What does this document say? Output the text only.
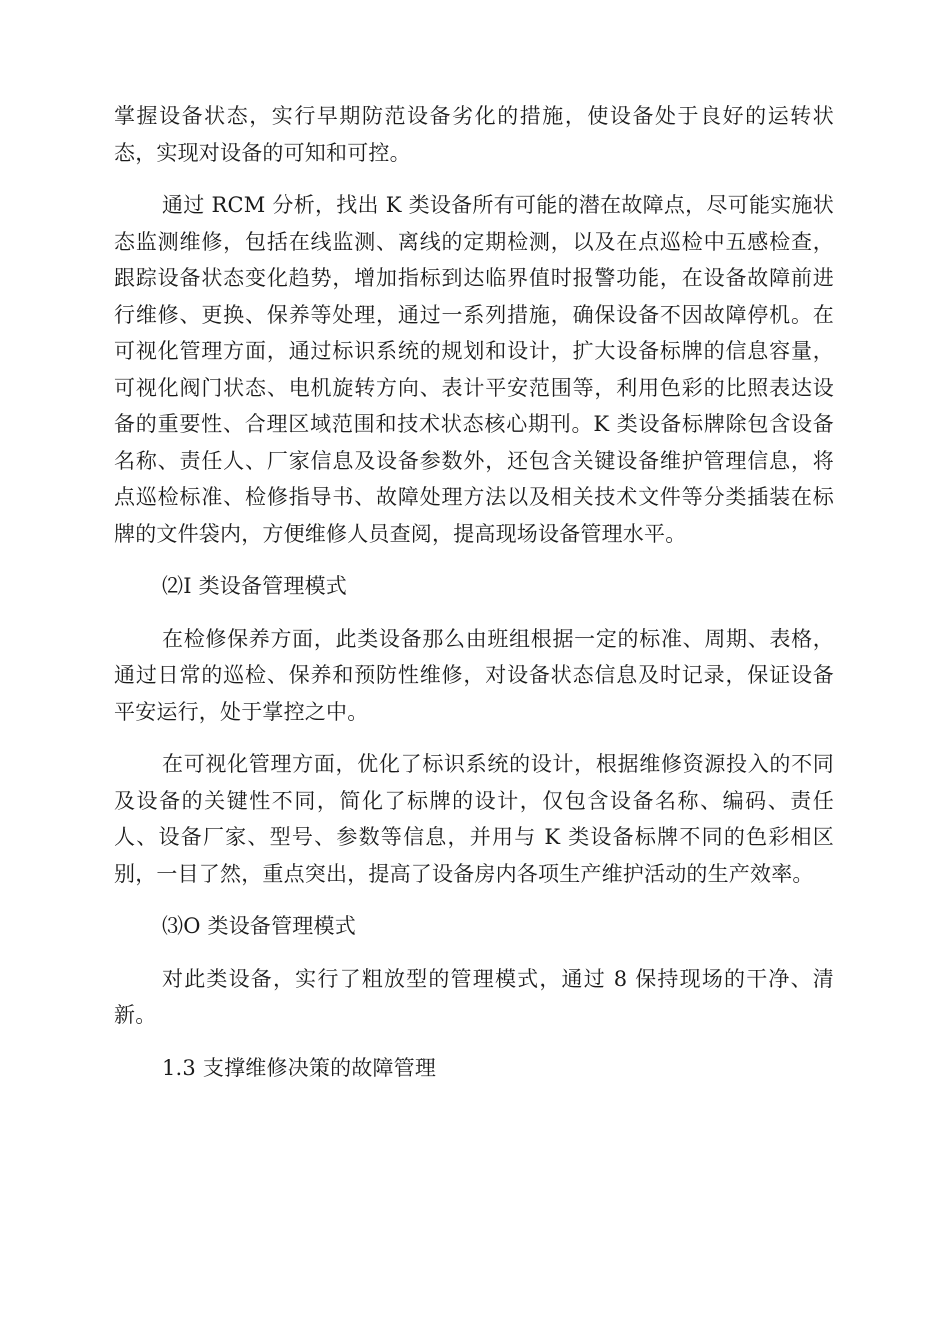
掌握设备状态，实行早期防范设备劣化的措施，使设备处于良好的运转状态，实现对设备的可知和可控。

通过 RCM 分析，找出 K 类设备所有可能的潜在故障点，尽可能实施状态监测维修，包括在线监测、离线的定期检测，以及在点巡检中五感检查，跟踪设备状态变化趋势，增加指标到达临界值时报警功能，在设备故障前进行维修、更换、保养等处理，通过一系列措施，确保设备不因故障停机。在可视化管理方面，通过标识系统的规划和设计，扩大设备标牌的信息容量，可视化阀门状态、电机旋转方向、表计平安范围等，利用色彩的比照表达设备的重要性、合理区域范围和技术状态核心期刊。K 类设备标牌除包含设备名称、责任人、厂家信息及设备参数外，还包含关键设备维护管理信息，将点巡检标准、检修指导书、故障处理方法以及相关技术文件等分类插装在标牌的文件袋内，方便维修人员查阅，提高现场设备管理水平。

⑵I 类设备管理模式

在检修保养方面，此类设备那么由班组根据一定的标准、周期、表格，通过日常的巡检、保养和预防性维修，对设备状态信息及时记录，保证设备平安运行，处于掌控之中。

在可视化管理方面，优化了标识系统的设计，根据维修资源投入的不同及设备的关键性不同，简化了标牌的设计，仅包含设备名称、编码、责任人、设备厂家、型号、参数等信息，并用与 K 类设备标牌不同的色彩相区别，一目了然，重点突出，提高了设备房内各项生产维护活动的生产效率。

⑶O 类设备管理模式

对此类设备，实行了粗放型的管理模式，通过 8 保持现场的干净、清新。

1.3 支撑维修决策的故障管理
